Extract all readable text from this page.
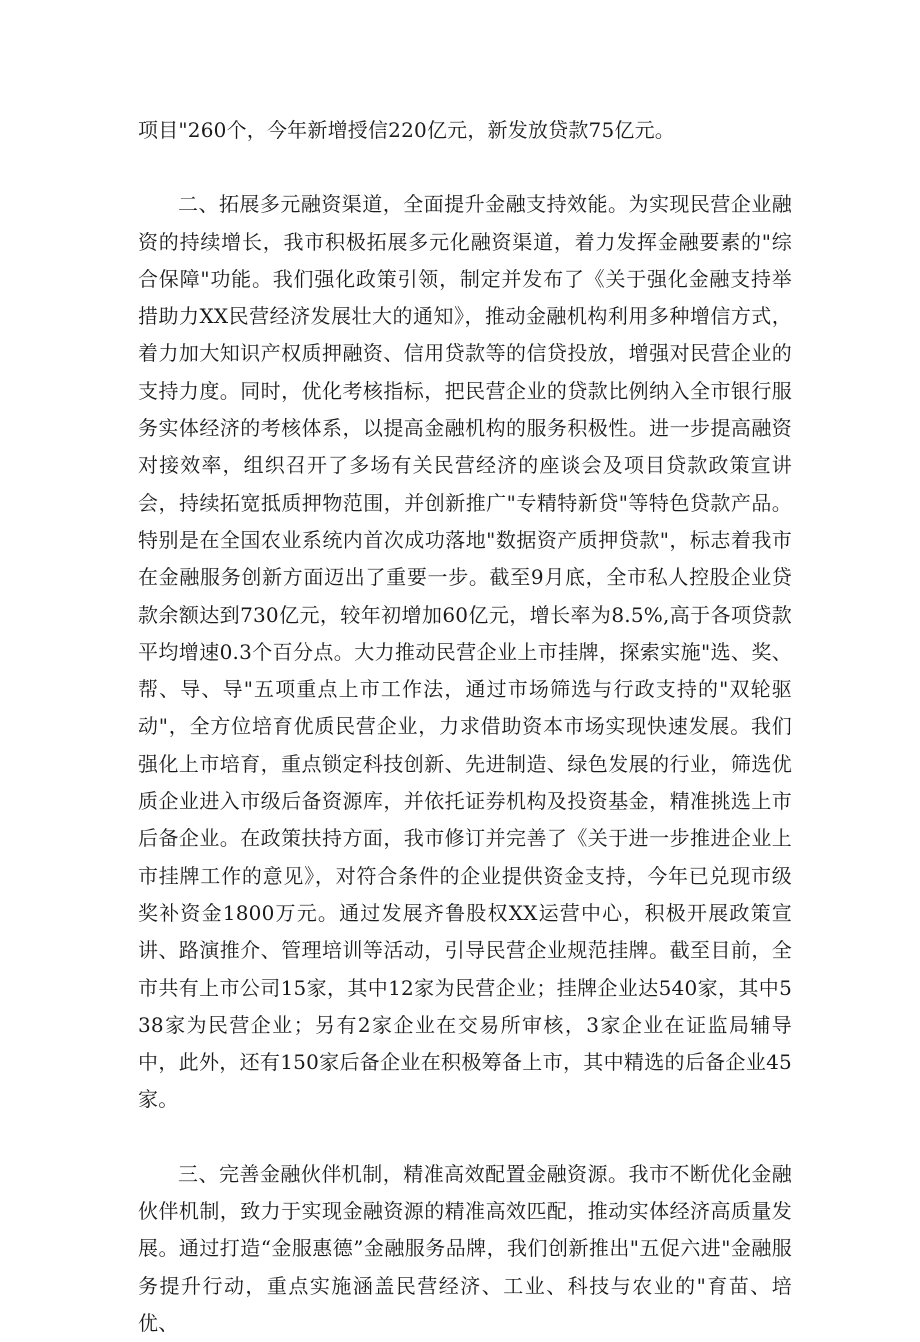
项目"260个，今年新增授信220亿元，新发放贷款75亿元。

二、拓展多元融资渠道，全面提升金融支持效能。为实现民营企业融资的持续增长，我市积极拓展多元化融资渠道，着力发挥金融要素的"综合保障"功能。我们强化政策引领，制定并发布了《关于强化金融支持举措助力XX民营经济发展壮大的通知》，推动金融机构利用多种增信方式，着力加大知识产权质押融资、信用贷款等的信贷投放，增强对民营企业的支持力度。同时，优化考核指标，把民营企业的贷款比例纳入全市银行服务实体经济的考核体系，以提高金融机构的服务积极性。进一步提高融资对接效率，组织召开了多场有关民营经济的座谈会及项目贷款政策宣讲会，持续拓宽抵质押物范围，并创新推广"专精特新贷"等特色贷款产品。特别是在全国农业系统内首次成功落地"数据资产质押贷款"，标志着我市在金融服务创新方面迈出了重要一步。截至9月底，全市私人控股企业贷款余额达到730亿元，较年初增加60亿元，增长率为8.5%,高于各项贷款平均增速0.3个百分点。大力推动民营企业上市挂牌，探索实施"选、奖、帮、导、导"五项重点上市工作法，通过市场筛选与行政支持的"双轮驱动"，全方位培育优质民营企业，力求借助资本市场实现快速发展。我们强化上市培育，重点锁定科技创新、先进制造、绿色发展的行业，筛选优质企业进入市级后备资源库，并依托证券机构及投资基金，精准挑选上市后备企业。在政策扶持方面，我市修订并完善了《关于进一步推进企业上市挂牌工作的意见》，对符合条件的企业提供资金支持，今年已兑现市级奖补资金1800万元。通过发展齐鲁股权XX运营中心，积极开展政策宣讲、路演推介、管理培训等活动，引导民营企业规范挂牌。截至目前，全市共有上市公司15家，其中12家为民营企业；挂牌企业达540家，其中538家为民营企业；另有2家企业在交易所审核，3家企业在证监局辅导中，此外，还有150家后备企业在积极筹备上市，其中精选的后备企业45家。

三、完善金融伙伴机制，精准高效配置金融资源。我市不断优化金融伙伴机制，致力于实现金融资源的精准高效匹配，推动实体经济高质量发展。通过打造“金服惠德”金融服务品牌，我们创新推出"五促六进"金融服务提升行动，重点实施涵盖民营经济、工业、科技与农业的"育苗、培优、
